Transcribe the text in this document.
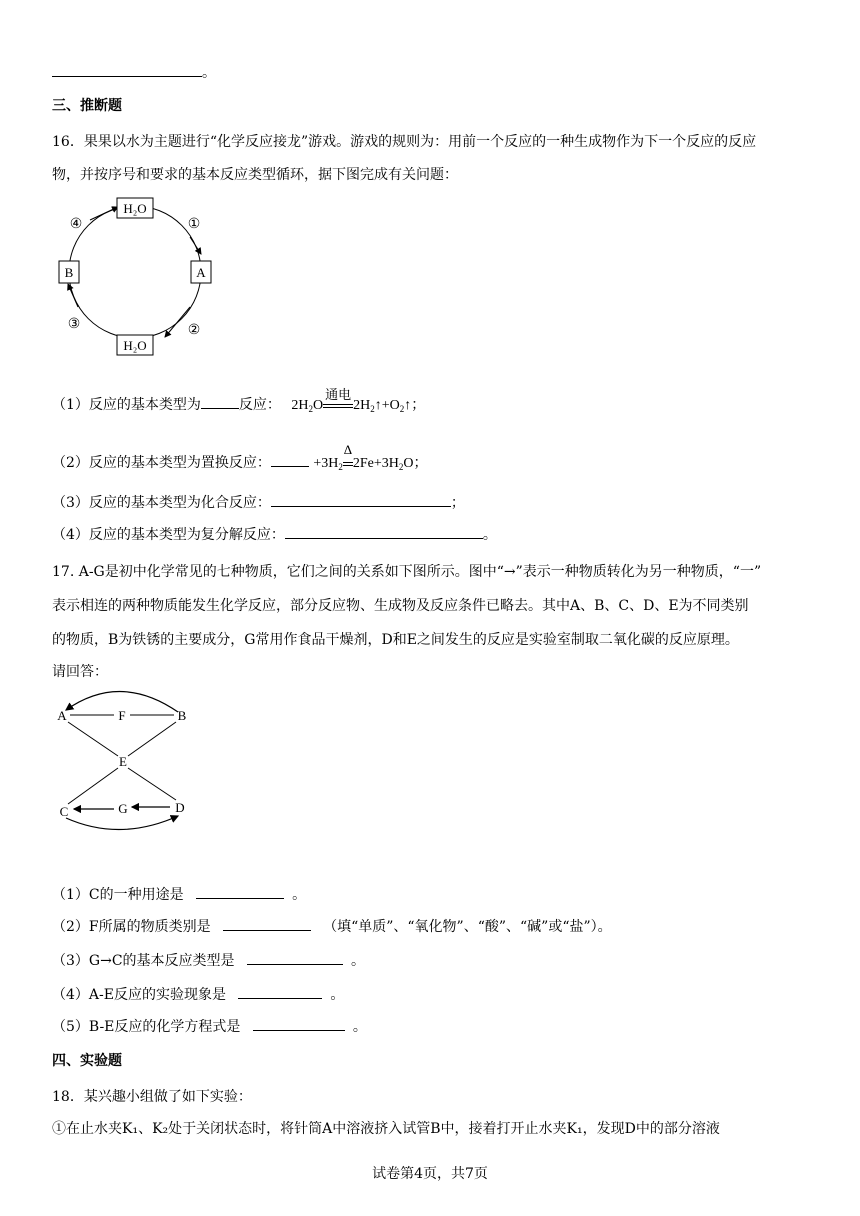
。
三、推断题
16．果果以水为主题进行“化学反应接龙”游戏。游戏的规则为：用前一个反应的一种生成物作为下一个反应的反应
物，并按序号和要求的基本反应类型循环，据下图完成有关问题：
H₂O
H₂O
B	A
①
②
③
④
（1）反应的基本类型为	反应： $2H_2O$
通电
$2H_2↑+O_2↑$；
（2）反应的基本类型为置换反应：	$+3H_2$
Δ
$2Fe+3H_2O$；
（3）反应的基本类型为化合反应：	；
（4）反应的基本类型为复分解反应：	。
17. A-G是初中化学常见的七种物质，它们之间的关系如下图所示。图中“→”表示一种物质转化为另一种物质，“一”
表示相连的两种物质能发生化学反应，部分反应物、生成物及反应条件已略去。其中A、B、C、D、E为不同类别
的物质，B为铁锈的主要成分，G常用作食品干燥剂，D和E之间发生的反应是实验室制取二氧化碳的反应原理。
请回答：
A	F	B
E
C	G	D
（1）C的一种用途是	。
（2）F所属的物质类别是	（填“单质”、“氧化物”、“酸”、“碱”或“盐”）。
（3）G→C的基本反应类型是	。
（4）A-E反应的实验现象是	。
（5）B-E反应的化学方程式是	。
四、实验题
18．某兴趣小组做了如下实验：
①在止水夹K₁、K₂处于关闭状态时，将针筒A中溶液挤入试管B中，接着打开止水夹K₁，发现D中的部分溶液
试卷第4页，共7页
